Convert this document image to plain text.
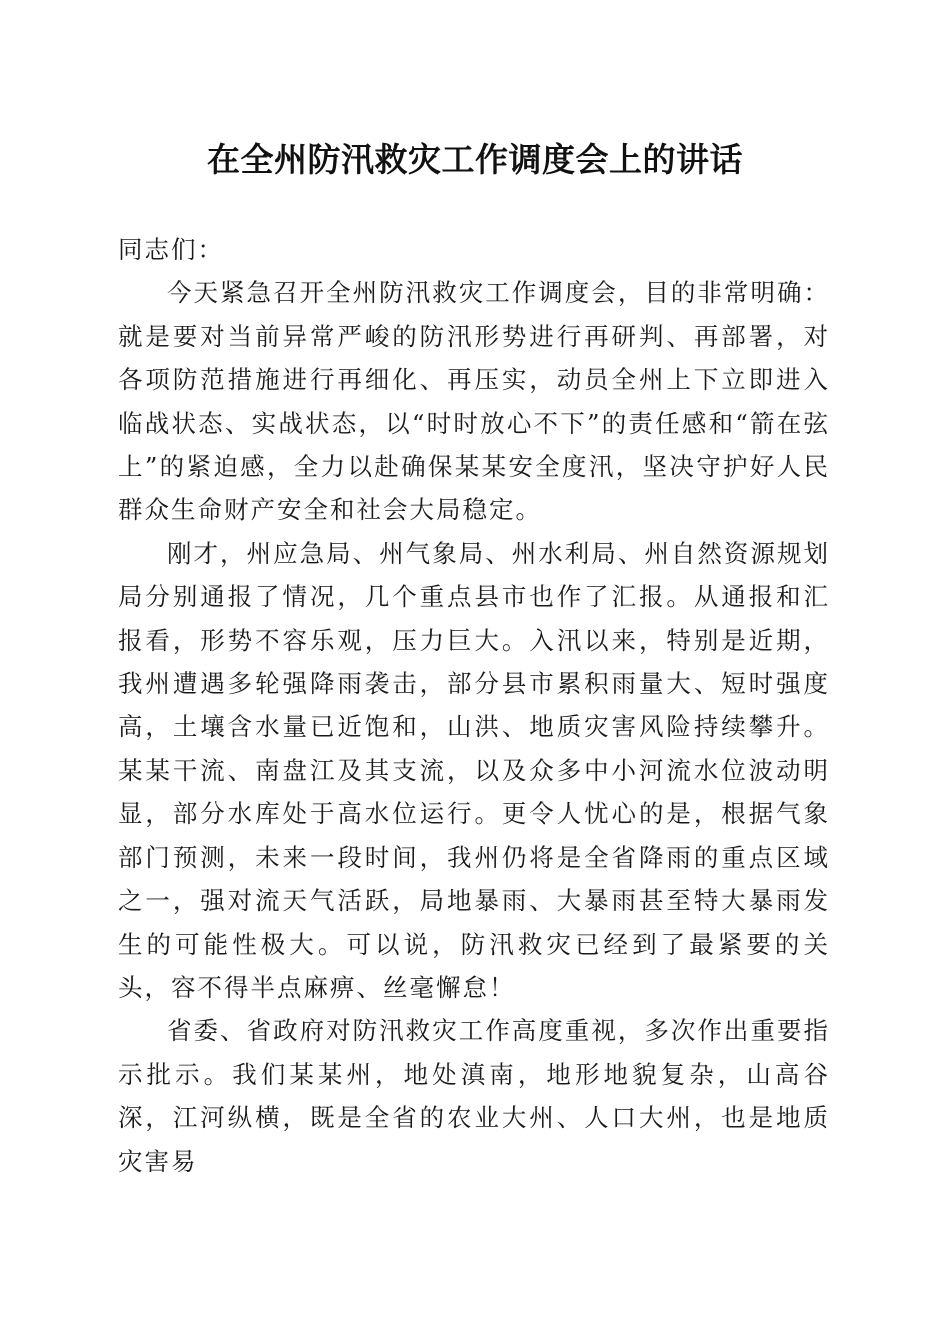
在全州防汛救灾工作调度会上的讲话

同志们：

今天紧急召开全州防汛救灾工作调度会，目的非常明确：就是要对当前异常严峻的防汛形势进行再研判、再部署，对各项防范措施进行再细化、再压实，动员全州上下立即进入临战状态、实战状态，以“时时放心不下”的责任感和“箭在弦上”的紧迫感，全力以赴确保某某安全度汛，坚决守护好人民群众生命财产安全和社会大局稳定。

刚才，州应急局、州气象局、州水利局、州自然资源规划局分别通报了情况，几个重点县市也作了汇报。从通报和汇报看，形势不容乐观，压力巨大。入汛以来，特别是近期，我州遭遇多轮强降雨袭击，部分县市累积雨量大、短时强度高，土壤含水量已近饱和，山洪、地质灾害风险持续攀升。某某干流、南盘江及其支流，以及众多中小河流水位波动明显，部分水库处于高水位运行。更令人忧心的是，根据气象部门预测，未来一段时间，我州仍将是全省降雨的重点区域之一，强对流天气活跃，局地暴雨、大暴雨甚至特大暴雨发生的可能性极大。可以说，防汛救灾已经到了最紧要的关头，容不得半点麻痹、丝毫懈怠！

省委、省政府对防汛救灾工作高度重视，多次作出重要指示批示。我们某某州，地处滇南，地形地貌复杂，山高谷深，江河纵横，既是全省的农业大州、人口大州，也是地质灾害易
